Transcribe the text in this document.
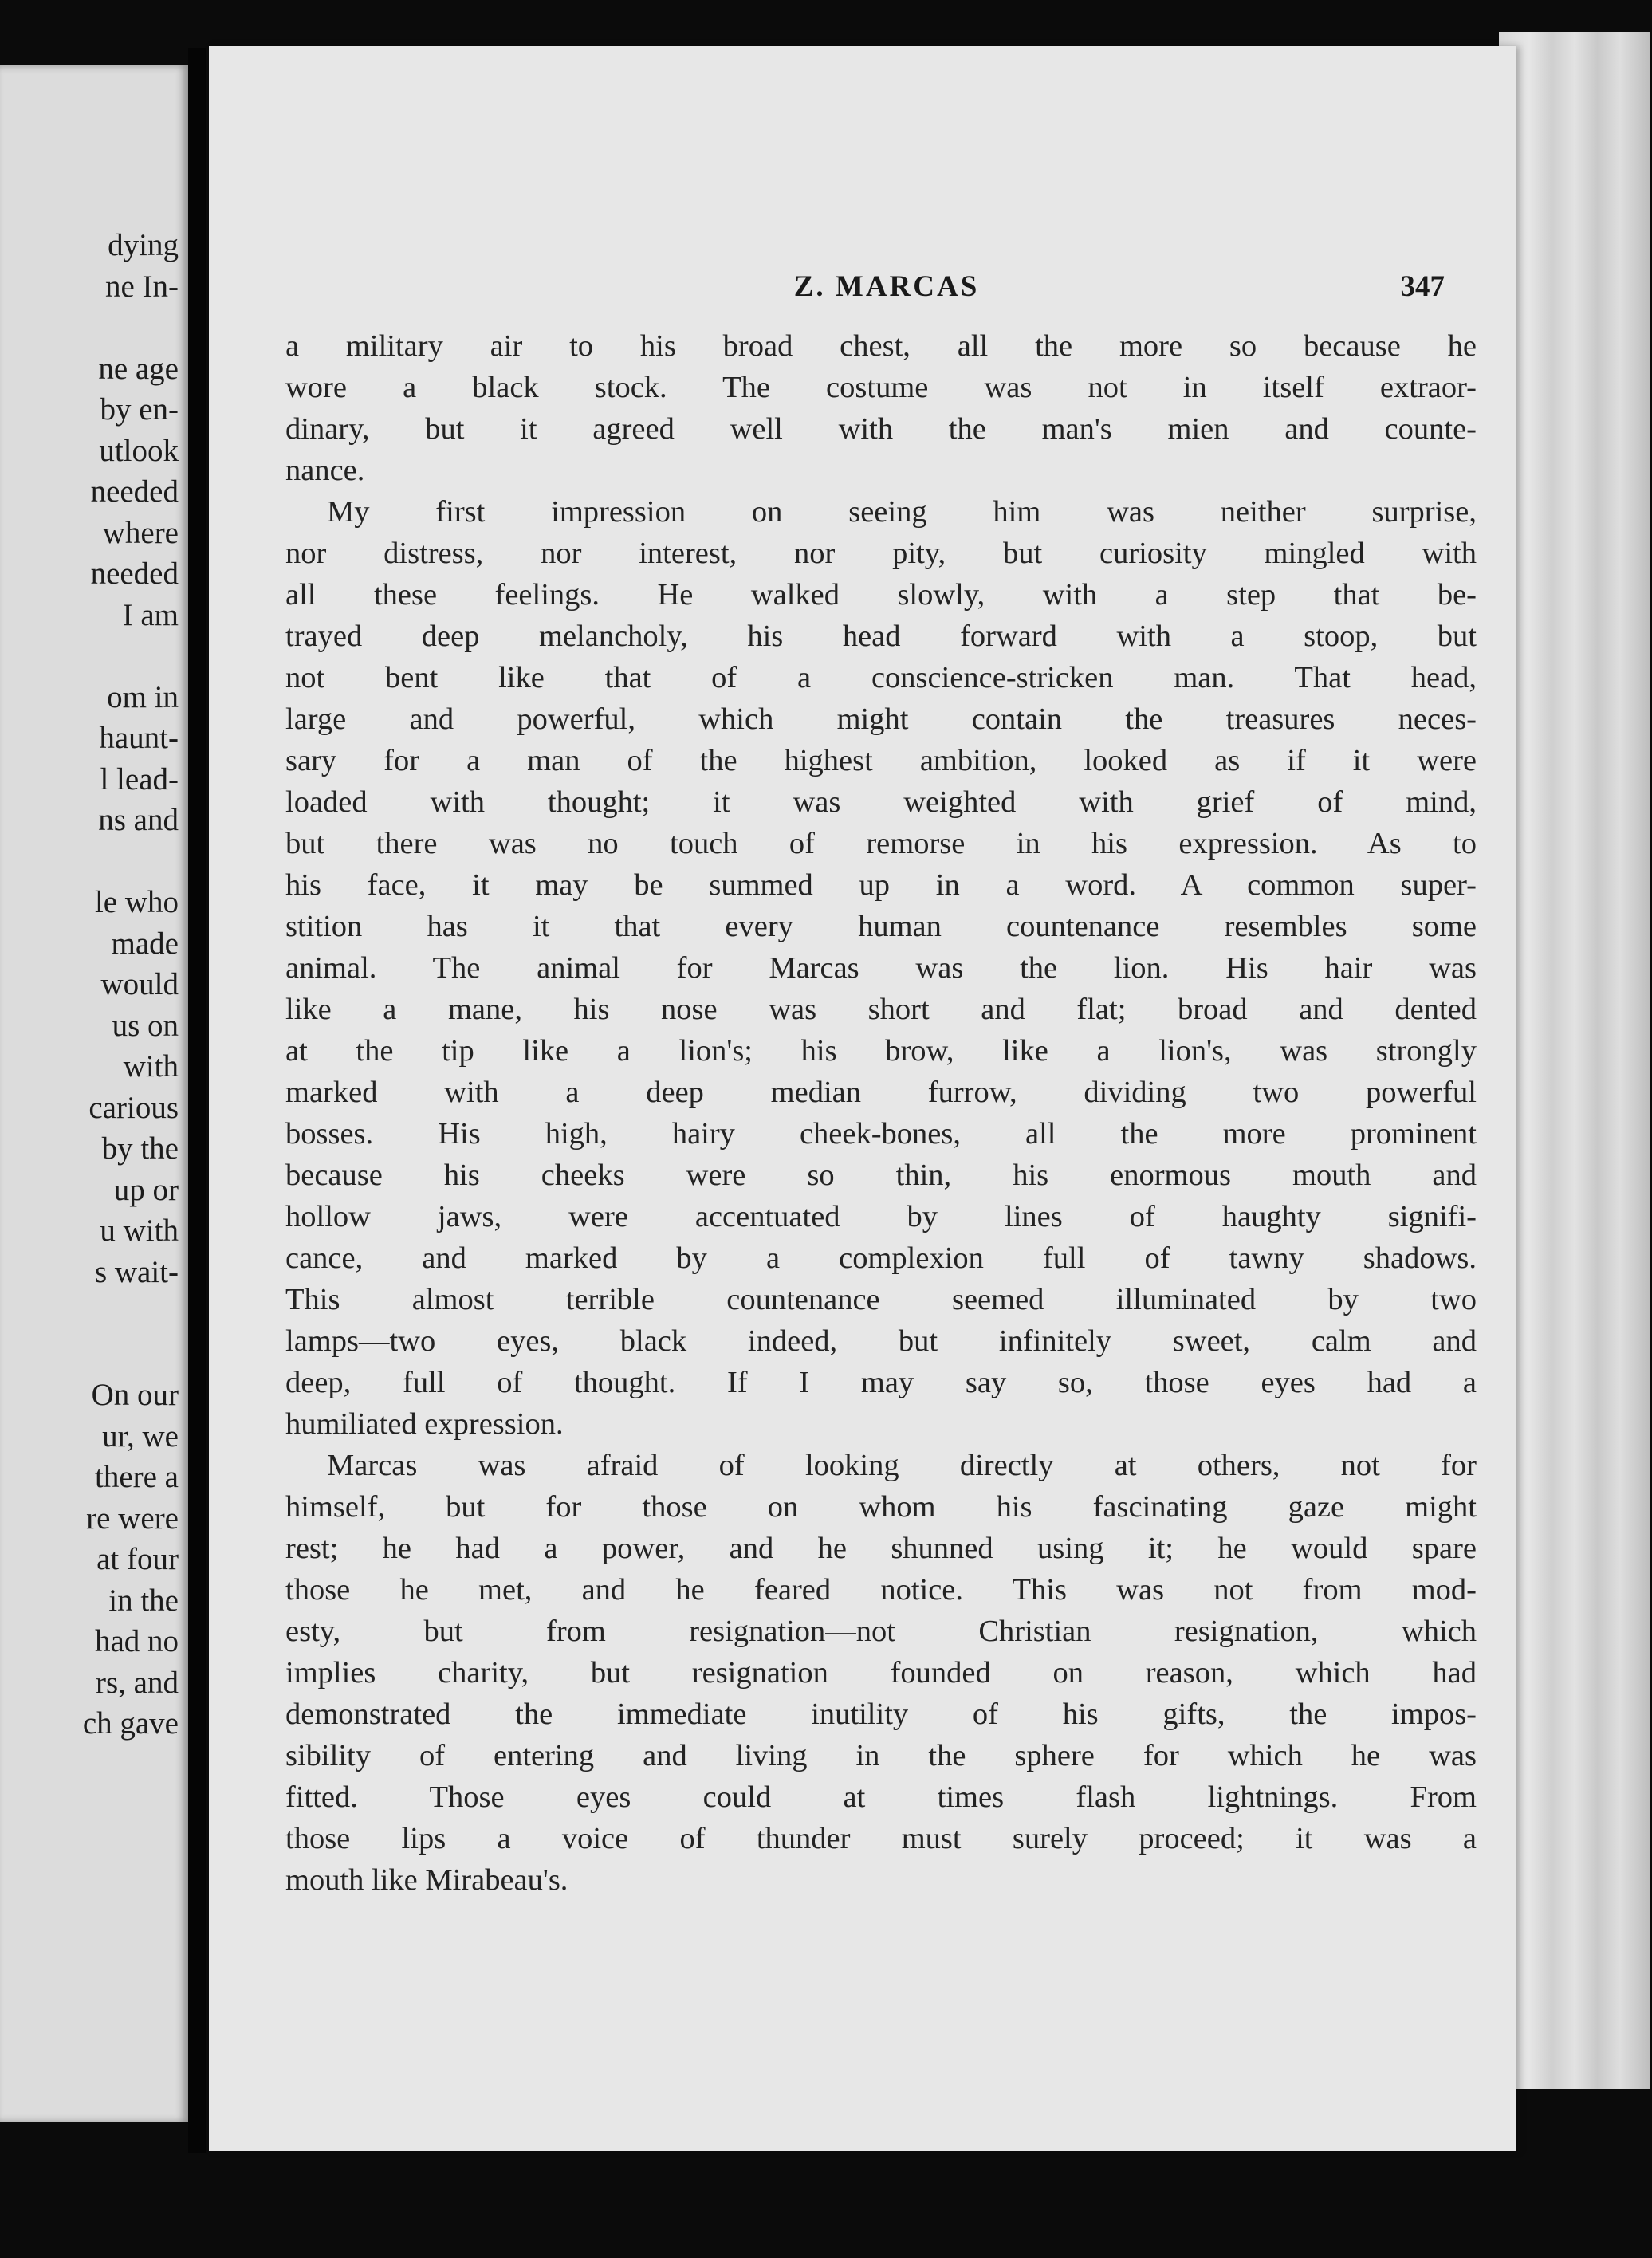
dying
ne In-
ne age
by en-
utlook
needed
where
needed
I am
om in
haunt-
l lead-
ns and
le who
made
would
us on
with
carious
by the
up or
u with
s wait-
On our
ur, we
there a
re were
at four
in the
had no
rs, and
ch gave
Z. MARCAS	347
a military air to his broad chest, all the more so because he
wore a black stock. The costume was not in itself extraor-
dinary, but it agreed well with the man's mien and counte-
nance.
My first impression on seeing him was neither surprise,
nor distress, nor interest, nor pity, but curiosity mingled with
all these feelings. He walked slowly, with a step that be-
trayed deep melancholy, his head forward with a stoop, but
not bent like that of a conscience-stricken man. That head,
large and powerful, which might contain the treasures neces-
sary for a man of the highest ambition, looked as if it were
loaded with thought; it was weighted with grief of mind,
but there was no touch of remorse in his expression. As to
his face, it may be summed up in a word. A common super-
stition has it that every human countenance resembles some
animal. The animal for Marcas was the lion. His hair was
like a mane, his nose was short and flat; broad and dented
at the tip like a lion's; his brow, like a lion's, was strongly
marked with a deep median furrow, dividing two powerful
bosses. His high, hairy cheek-bones, all the more prominent
because his cheeks were so thin, his enormous mouth and
hollow jaws, were accentuated by lines of haughty signifi-
cance, and marked by a complexion full of tawny shadows.
This almost terrible countenance seemed illuminated by two
lamps—two eyes, black indeed, but infinitely sweet, calm and
deep, full of thought. If I may say so, those eyes had a
humiliated expression.
Marcas was afraid of looking directly at others, not for
himself, but for those on whom his fascinating gaze might
rest; he had a power, and he shunned using it; he would spare
those he met, and he feared notice. This was not from mod-
esty, but from resignation—not Christian resignation, which
implies charity, but resignation founded on reason, which had
demonstrated the immediate inutility of his gifts, the impos-
sibility of entering and living in the sphere for which he was
fitted. Those eyes could at times flash lightnings. From
those lips a voice of thunder must surely proceed; it was a
mouth like Mirabeau's.
